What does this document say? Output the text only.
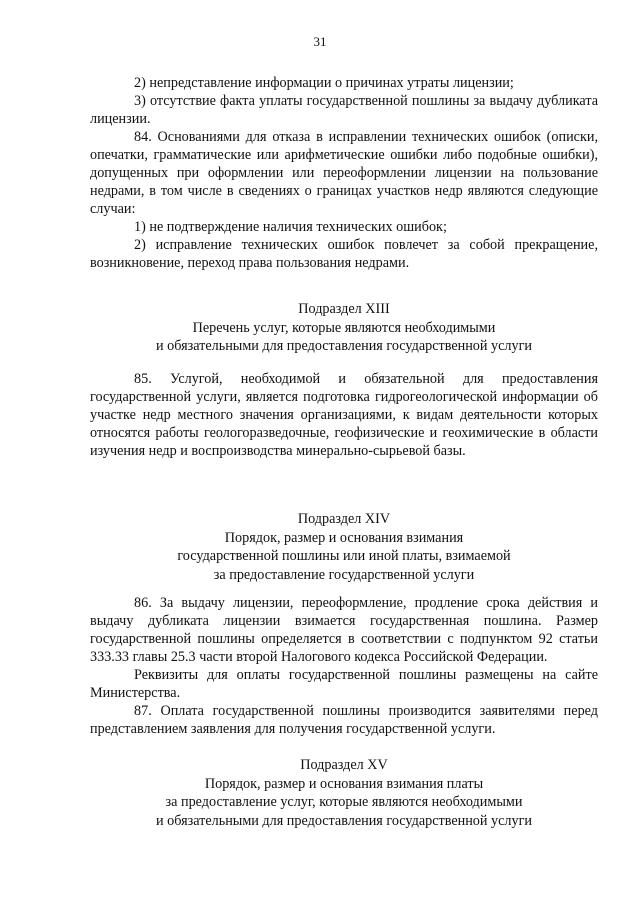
31

2) непредставление информации о причинах утраты лицензии;

3) отсутствие факта уплаты государственной пошлины за выдачу дубликата лицензии.

84. Основаниями для отказа в исправлении технических ошибок (описки, опечатки, грамматические или арифметические ошибки либо подобные ошибки), допущенных при оформлении или переоформлении лицензии на пользование недрами, в том числе в сведениях о границах участков недр являются следующие случаи:

1) не подтверждение наличия технических ошибок;

2) исправление технических ошибок повлечет за собой прекращение, возникновение, переход права пользования недрами.

Подраздел XIII
Перечень услуг, которые являются необходимыми
и обязательными для предоставления государственной услуги

85. Услугой, необходимой и обязательной для предоставления государственной услуги, является подготовка гидрогеологической информации об участке недр местного значения организациями, к видам деятельности которых относятся работы геологоразведочные, геофизические и геохимические в области изучения недр и воспроизводства минерально-сырьевой базы.

Подраздел XIV
Порядок, размер и основания взимания
государственной пошлины или иной платы, взимаемой
за предоставление государственной услуги

86. За выдачу лицензии, переоформление, продление срока действия и выдачу дубликата лицензии взимается государственная пошлина. Размер государственной пошлины определяется в соответствии с подпунктом 92 статьи 333.33 главы 25.3 части второй Налогового кодекса Российской Федерации.

Реквизиты для оплаты государственной пошлины размещены на сайте Министерства.

87. Оплата государственной пошлины производится заявителями перед представлением заявления для получения государственной услуги.

Подраздел XV
Порядок, размер и основания взимания платы
за предоставление услуг, которые являются необходимыми
и обязательными для предоставления государственной услуги
